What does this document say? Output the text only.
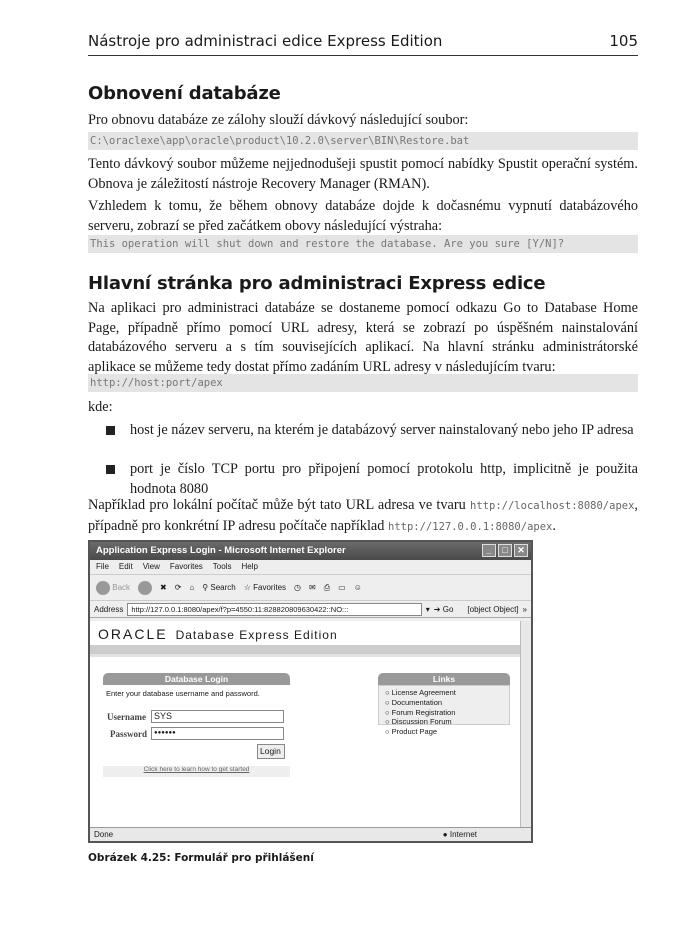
Nástroje pro administraci edice Express Edition	105
Obnovení databáze
Pro obnovu databáze ze zálohy slouží dávkový následující soubor:
C:\oraclexe\app\oracle\product\10.2.0\server\BIN\Restore.bat
Tento dávkový soubor můžeme nejjednodušeji spustit pomocí nabídky Spustit operační systém. Obnova je záležitostí nástroje Recovery Manager (RMAN).
Vzhledem k tomu, že během obnovy databáze dojde k dočasnému vypnutí databázového serveru, zobrazí se před začátkem obovy následující výstraha:
This operation will shut down and restore the database. Are you sure [Y/N]?
Hlavní stránka pro administraci Express edice
Na aplikaci pro administraci databáze se dostaneme pomocí odkazu Go to Database Home Page, případně přímo pomocí URL adresy, která se zobrazí po úspěšném nainstalování databázového serveru a s tím souvisejících aplikací. Na hlavní stránku administrátorské aplikace se můžeme tedy dostat přímo zadáním URL adresy v následujícím tvaru:
http://host:port/apex
kde:
host je název serveru, na kterém je databázový server nainstalovaný nebo jeho IP adresa
port je číslo TCP portu pro připojení pomocí protokolu http, implicitně je použita hodnota 8080
Například pro lokální počítač může být tato URL adresa ve tvaru http://localhost:8080/apex, případně pro konkrétní IP adresu počítače například http://127.0.0.1:8080/apex.
Application Express Login - Microsoft Internet Explorer	_	□	✕
File Edit View Favorites Tools Help
Back	✖ ⟳ ⌂ ⚲ Search ☆ Favorites ◷ ✉ ⎙ ▭ ☺
Address	http://127.0.0.1:8080/apex/f?p=4550:11:828820809630422::NO:::	▾ ➔ Go [object Object] »
ORACLE Database Express Edition
Database Login
Enter your database username and password.
Username SYS
Password	●●●●●●
Login
Click here to learn how to get started
Links
○ License Agreement
○ Documentation
○ Forum Registration
○ Discussion Forum
○ Product Page
Done	● Internet
Obrázek 4.25: Formulář pro přihlášení
